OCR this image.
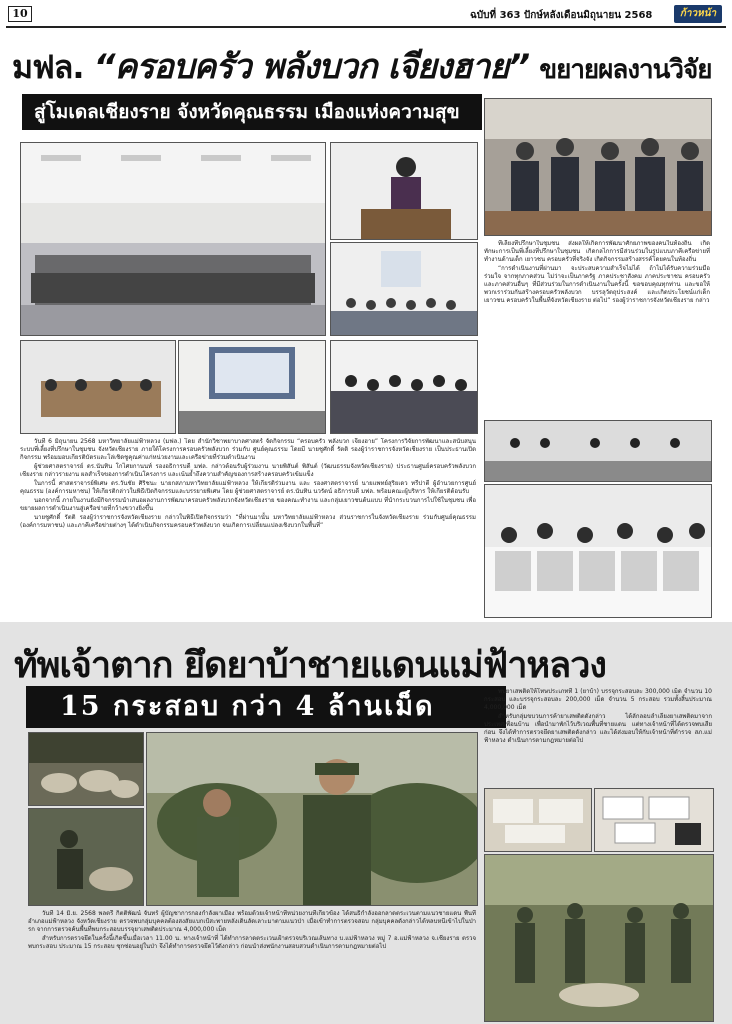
10	ฉบับที่ 363 ปักษ์หลังเดือนมิถุนายน 2568	ก้าวหน้า
มฟล. “ครอบครัว พลังบวก เจียงฮาย” ขยายผลงานวิจัย
สู่โมเดลเชียงราย จังหวัดคุณธรรม เมืองแห่งความสุข

วันที่ 6 มิถุนายน 2568 มหาวิทยาลัยแม่ฟ้าหลวง (มฟล.) โดย สำนักวิชาพยาบาลศาสตร์ จัดกิจกรรม “ครอบครัว พลังบวก เจียงฮาย” โครงการวิจัยการพัฒนาและสนับสนุนระบบพี่เลี้ยงที่ปรึกษาในชุมชน จังหวัดเชียงราย ภายใต้โครงการครอบครัวพลังบวก ร่วมกับ ศูนย์คุณธรรม โดยมี นายชูศักดิ์ รัตติ รองผู้ว่าราชการจังหวัดเชียงราย เป็นประธานเปิดกิจกรรม พร้อมมอบเกียรติบัตรและโล่เชิดชูคุณค่าแก่หน่วยงานและเครือข่ายที่ร่วมดำเนินงาน

ผู้ช่วยศาสตราจารย์ ดร.นันทิน โกไศยกานนท์ รองอธิการบดี มฟล. กล่าวต้อนรับผู้ร่วมงาน นายพิสันต์ พิสันต์ (วัฒนธรรมจังหวัดเชียงราย) ประธานศูนย์ครอบครัวพลังบวกเชียงราย กล่าวรายงาน ผลสำเร็จของการดำเนินโครงการ และเน้นย้ำถึงความสำคัญของการสร้างครอบครัวเข้มแข็ง

ในการนี้ ศาสตราจารย์พิเศษ ดร.วันชัย ศิริชนะ นายกสภามหาวิทยาลัยแม่ฟ้าหลวง ให้เกียรติร่วมงาน และ รองศาสตราจารย์ นายแพทย์สุริยเดว ทรีปาตี ผู้อำนวยการศูนย์คุณธรรม (องค์การมหาชน) ให้เกียรติกล่าวในพิธีเปิดกิจกรรมและบรรยายพิเศษ โดย ผู้ช่วยศาสตราจารย์ ดร.นันทิน นวรัตน์ อธิการบดี มฟล. พร้อมคณะผู้บริหาร ให้เกียรติต้อนรับ

นอกจากนี้ ภายในงานยังมีกิจกรรมนำเสนอผลงานการพัฒนาครอบครัวพลังบวกจังหวัดเชียงราย ของคณะทำงาน และกลุ่มเยาวชนต้นแบบ ที่นำกระบวนการไปใช้ในชุมชน เพื่อขยายผลการดำเนินงานสู่เครือข่ายที่กว้างขวางยิ่งขึ้น

นายชูศักดิ์ รัตติ รองผู้ว่าราชการจังหวัดเชียงราย กล่าวในพิธีเปิดกิจกรรมว่า “ที่ผ่านมานั้น มหาวิทยาลัยแม่ฟ้าหลวง ส่วนราชการในจังหวัดเชียงราย ร่วมกับศูนย์คุณธรรม (องค์การมหาชน) และภาคีเครือข่ายต่างๆ ได้ดำเนินกิจกรรมครอบครัวพลังบวก จนเกิดการเปลี่ยนแปลงเชิงบวกในพื้นที่”

ที่เลี้ยงที่ปรึกษาในชุมชน ส่งผลให้เกิดการพัฒนาศักยภาพของคนในท้องถิ่น เกิดทักษะการเป็นพี่เลี้ยงที่ปรึกษาในชุมชน เกิดกลไกการมีส่วนร่วมในรูปแบบภาคีเครือข่ายที่ทำงานด้านเด็ก เยาวชน ครอบครัวที่จริงจัง เกิดกิจกรรมสร้างสรรค์โดยคนในท้องถิ่น

“การดำเนินงานที่ผ่านมา จะประสบความสำเร็จไม่ได้ ถ้าไม่ได้รับความร่วมมือร่วมใจ จากทุกภาคส่วน ไม่ว่าจะเป็นภาครัฐ ภาคประชาสังคม ภาคประชาชน ครอบครัว และภาคส่วนอื่นๆ ที่มีส่วนร่วมในการดำเนินงานในครั้งนี้ ขอขอบคุณทุกท่าน และขอให้พวกเราร่วมกันสร้างครอบครัวพลังบวก บรรลุวัตถุประสงค์ และเกิดประโยชน์แก่เด็ก เยาวชน ครอบครัวในพื้นที่จังหวัดเชียงราย ต่อไป” รองผู้ว่าราชการจังหวัดเชียงราย กล่าว

ทัพเจ้าตาก ยึดยาบ้าชายแดนแม่ฟ้าหลวง
15 กระสอบ กว่า 4 ล้านเม็ด	พบยาเสพติดให้โทษประเภทที่ 1 (ยาบ้า) บรรจุกระสอบละ 300,000 เม็ด จำนวน 10 กระสอบ และบรรจุกระสอบละ 200,000 เม็ด จำนวน 5 กระสอบ รวมทั้งสิ้นประมาณ 4,000,000 เม็ด

สำหรับกลุ่มขบวนการค้ายาเสพติดดังกล่าว ได้ลักลอบลำเลียงยาเสพติดมาจากประเทศเพื่อนบ้าน เพื่อนำมาพักไว้บริเวณพื้นที่ชายแดน แต่ทางเจ้าหน้าที่ได้ตรวจพบเสียก่อน จึงได้ทำการตรวจยึดยาเสพติดดังกล่าว และได้ส่งมอบให้กับเจ้าหน้าที่ตำรวจ สภ.แม่ฟ้าหลวง ดำเนินการตามกฎหมายต่อไป

วันที่ 14 มิ.ย. 2568 พลตรี กิตติพัฒน์ จันทร์ ผู้บัญชาการกองกำลังผาเมือง พร้อมด้วยเจ้าหน้าที่หน่วยงานที่เกี่ยวข้อง ได้สนธิกำลังออกลาดตระเวนตามแนวชายแดน พื้นที่อำเภอแม่ฟ้าหลวง จังหวัดเชียงราย ตรวจพบกลุ่มบุคคลต้องสงสัยแบกเป้สะพายหลังเดินลัดเลาะมาตามแนวป่า เมื่อเข้าทำการตรวจสอบ กลุ่มบุคคลดังกล่าวได้หลบหนีเข้าไปในป่ารก จากการตรวจค้นพื้นที่พบกระสอบบรรจุยาเสพติดประมาณ 4,000,000 เม็ด

สำหรับการตรวจยึดในครั้งนี้เกิดขึ้นเมื่อเวลา 11.00 น. ทางเจ้าหน้าที่ ได้ทำการลาดตระเวนเฝ้าตรวจบริเวณเส้นทาง บ.แม่ฟ้าหลวง หมู่ 7 อ.แม่ฟ้าหลวง จ.เชียงราย ตรวจพบกระสอบ ประมาณ 15 กระสอบ ซุกซ่อนอยู่ในป่า จึงได้ทำการตรวจยึดไว้ดังกล่าว ก่อนนำส่งพนักงานสอบสวนดำเนินการตามกฎหมายต่อไป
